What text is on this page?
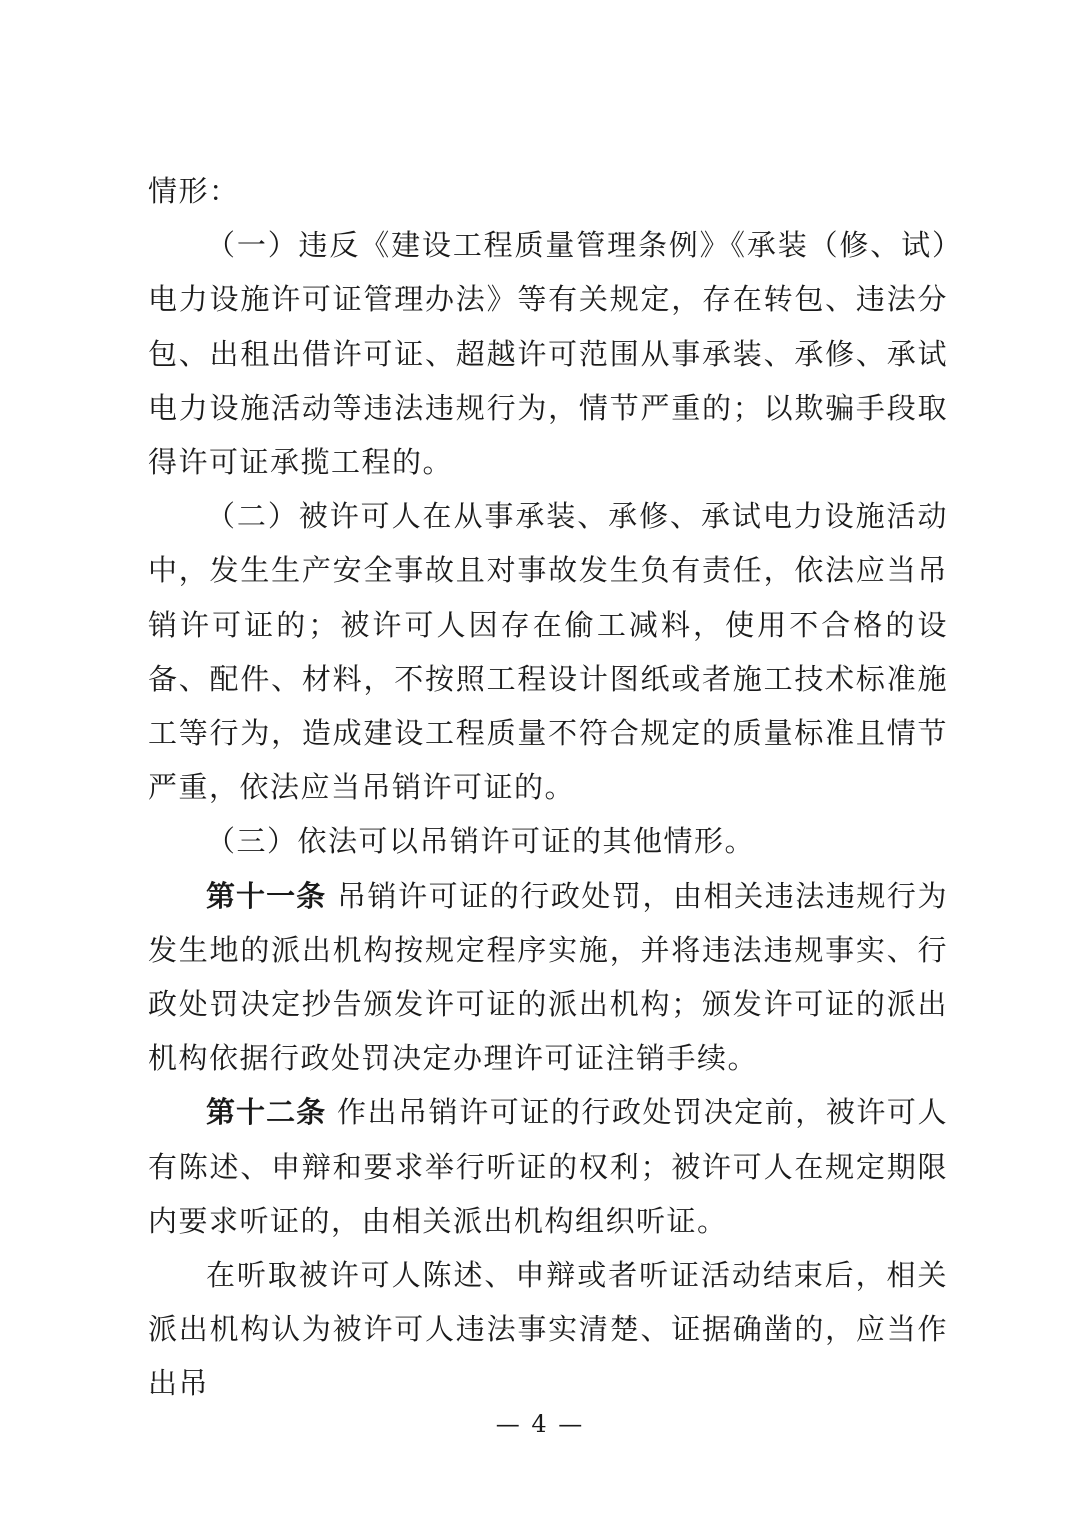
情形：

（一）违反《建设工程质量管理条例》《承装（修、试）电力设施许可证管理办法》等有关规定，存在转包、违法分包、出租出借许可证、超越许可范围从事承装、承修、承试电力设施活动等违法违规行为，情节严重的；以欺骗手段取得许可证承揽工程的。

（二）被许可人在从事承装、承修、承试电力设施活动中，发生生产安全事故且对事故发生负有责任，依法应当吊销许可证的；被许可人因存在偷工减料，使用不合格的设备、配件、材料，不按照工程设计图纸或者施工技术标准施工等行为，造成建设工程质量不符合规定的质量标准且情节严重，依法应当吊销许可证的。

（三）依法可以吊销许可证的其他情形。

第十一条 吊销许可证的行政处罚，由相关违法违规行为发生地的派出机构按规定程序实施，并将违法违规事实、行政处罚决定抄告颁发许可证的派出机构；颁发许可证的派出机构依据行政处罚决定办理许可证注销手续。

第十二条 作出吊销许可证的行政处罚决定前，被许可人有陈述、申辩和要求举行听证的权利；被许可人在规定期限内要求听证的，由相关派出机构组织听证。

在听取被许可人陈述、申辩或者听证活动结束后，相关派出机构认为被许可人违法事实清楚、证据确凿的，应当作出吊

— 4 —
